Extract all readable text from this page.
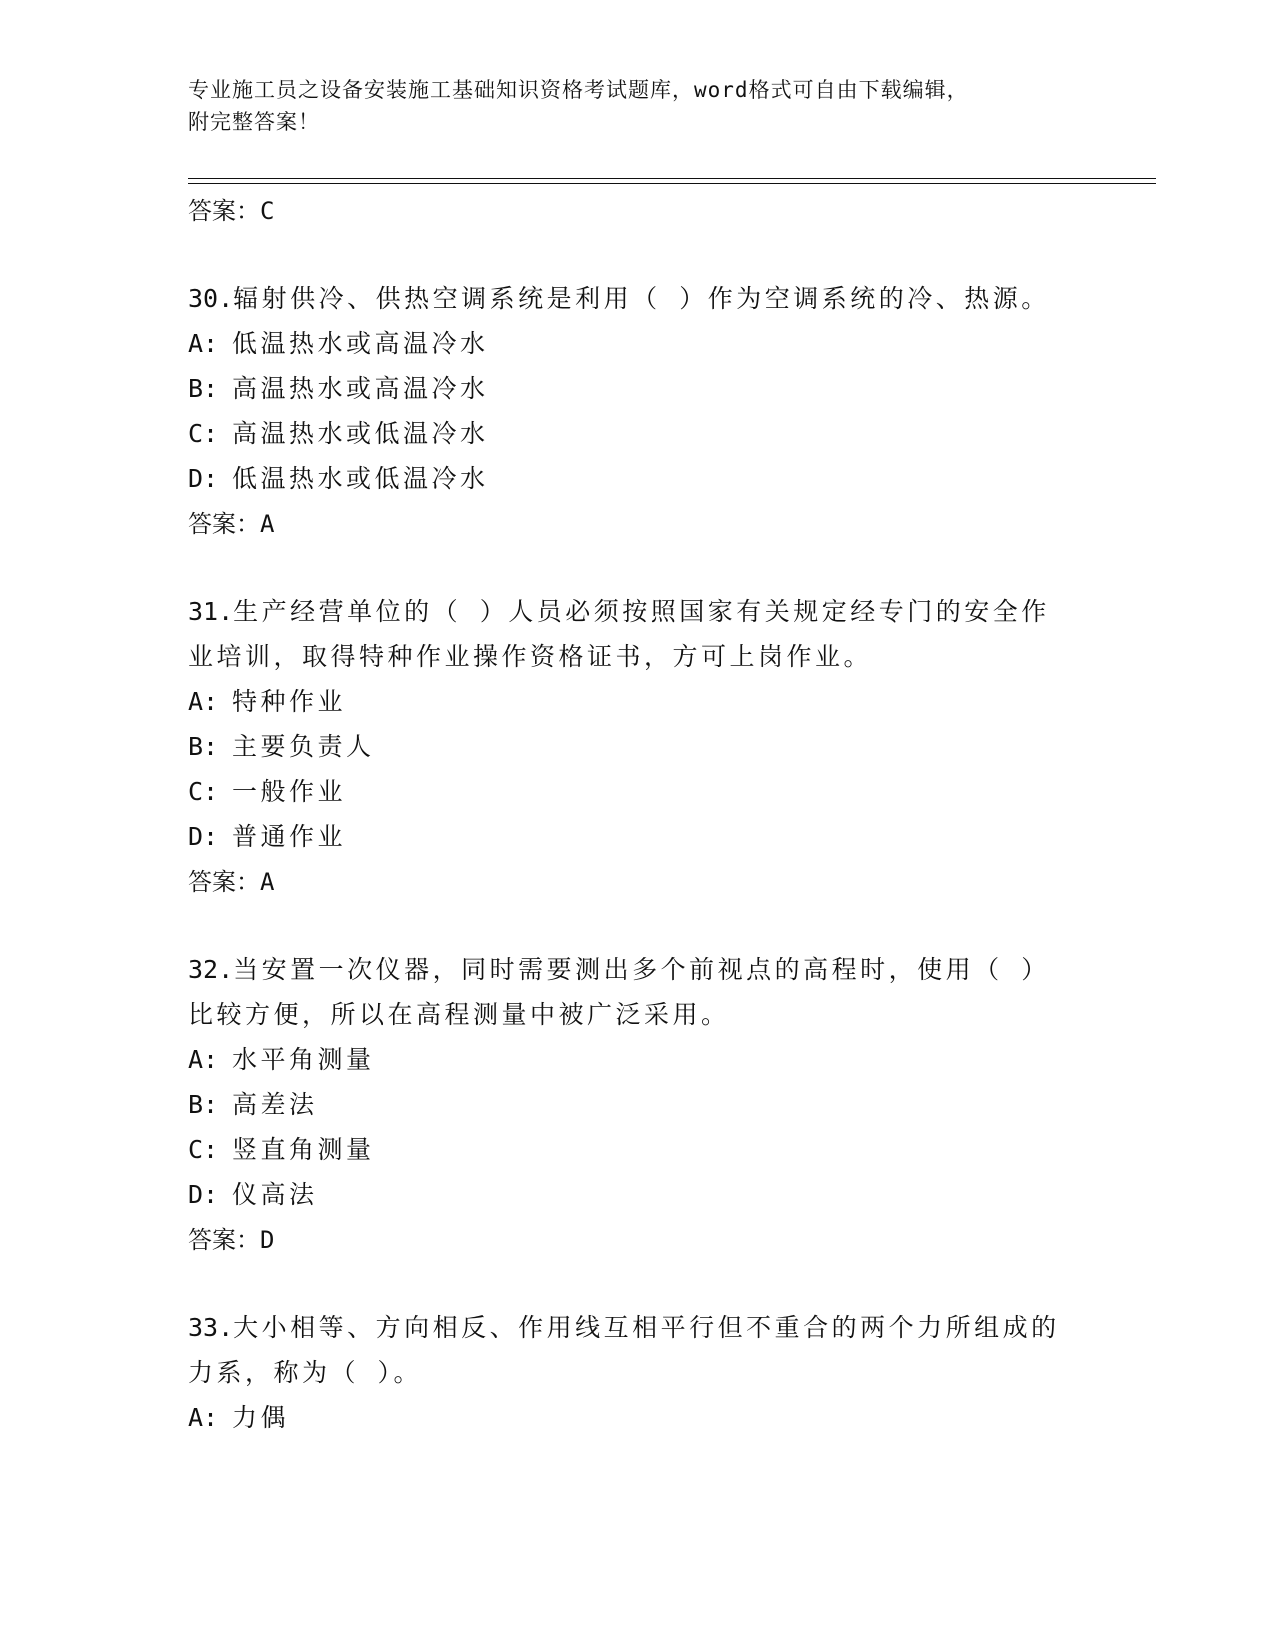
专业施工员之设备安装施工基础知识资格考试题库，word格式可自由下载编辑，
附完整答案！
答案：C
30.辐射供冷、供热空调系统是利用（ ）作为空调系统的冷、热源。
A: 低温热水或高温冷水
B: 高温热水或高温冷水
C: 高温热水或低温冷水
D: 低温热水或低温冷水
答案：A
31.生产经营单位的（ ）人员必须按照国家有关规定经专门的安全作
业培训，取得特种作业操作资格证书，方可上岗作业。
A: 特种作业
B: 主要负责人
C: 一般作业
D: 普通作业
答案：A
32.当安置一次仪器，同时需要测出多个前视点的高程时，使用（ ）
比较方便，所以在高程测量中被广泛采用。
A: 水平角测量
B: 高差法
C: 竖直角测量
D: 仪高法
答案：D
33.大小相等、方向相反、作用线互相平行但不重合的两个力所组成的
力系，称为（ ）。
A: 力偶
